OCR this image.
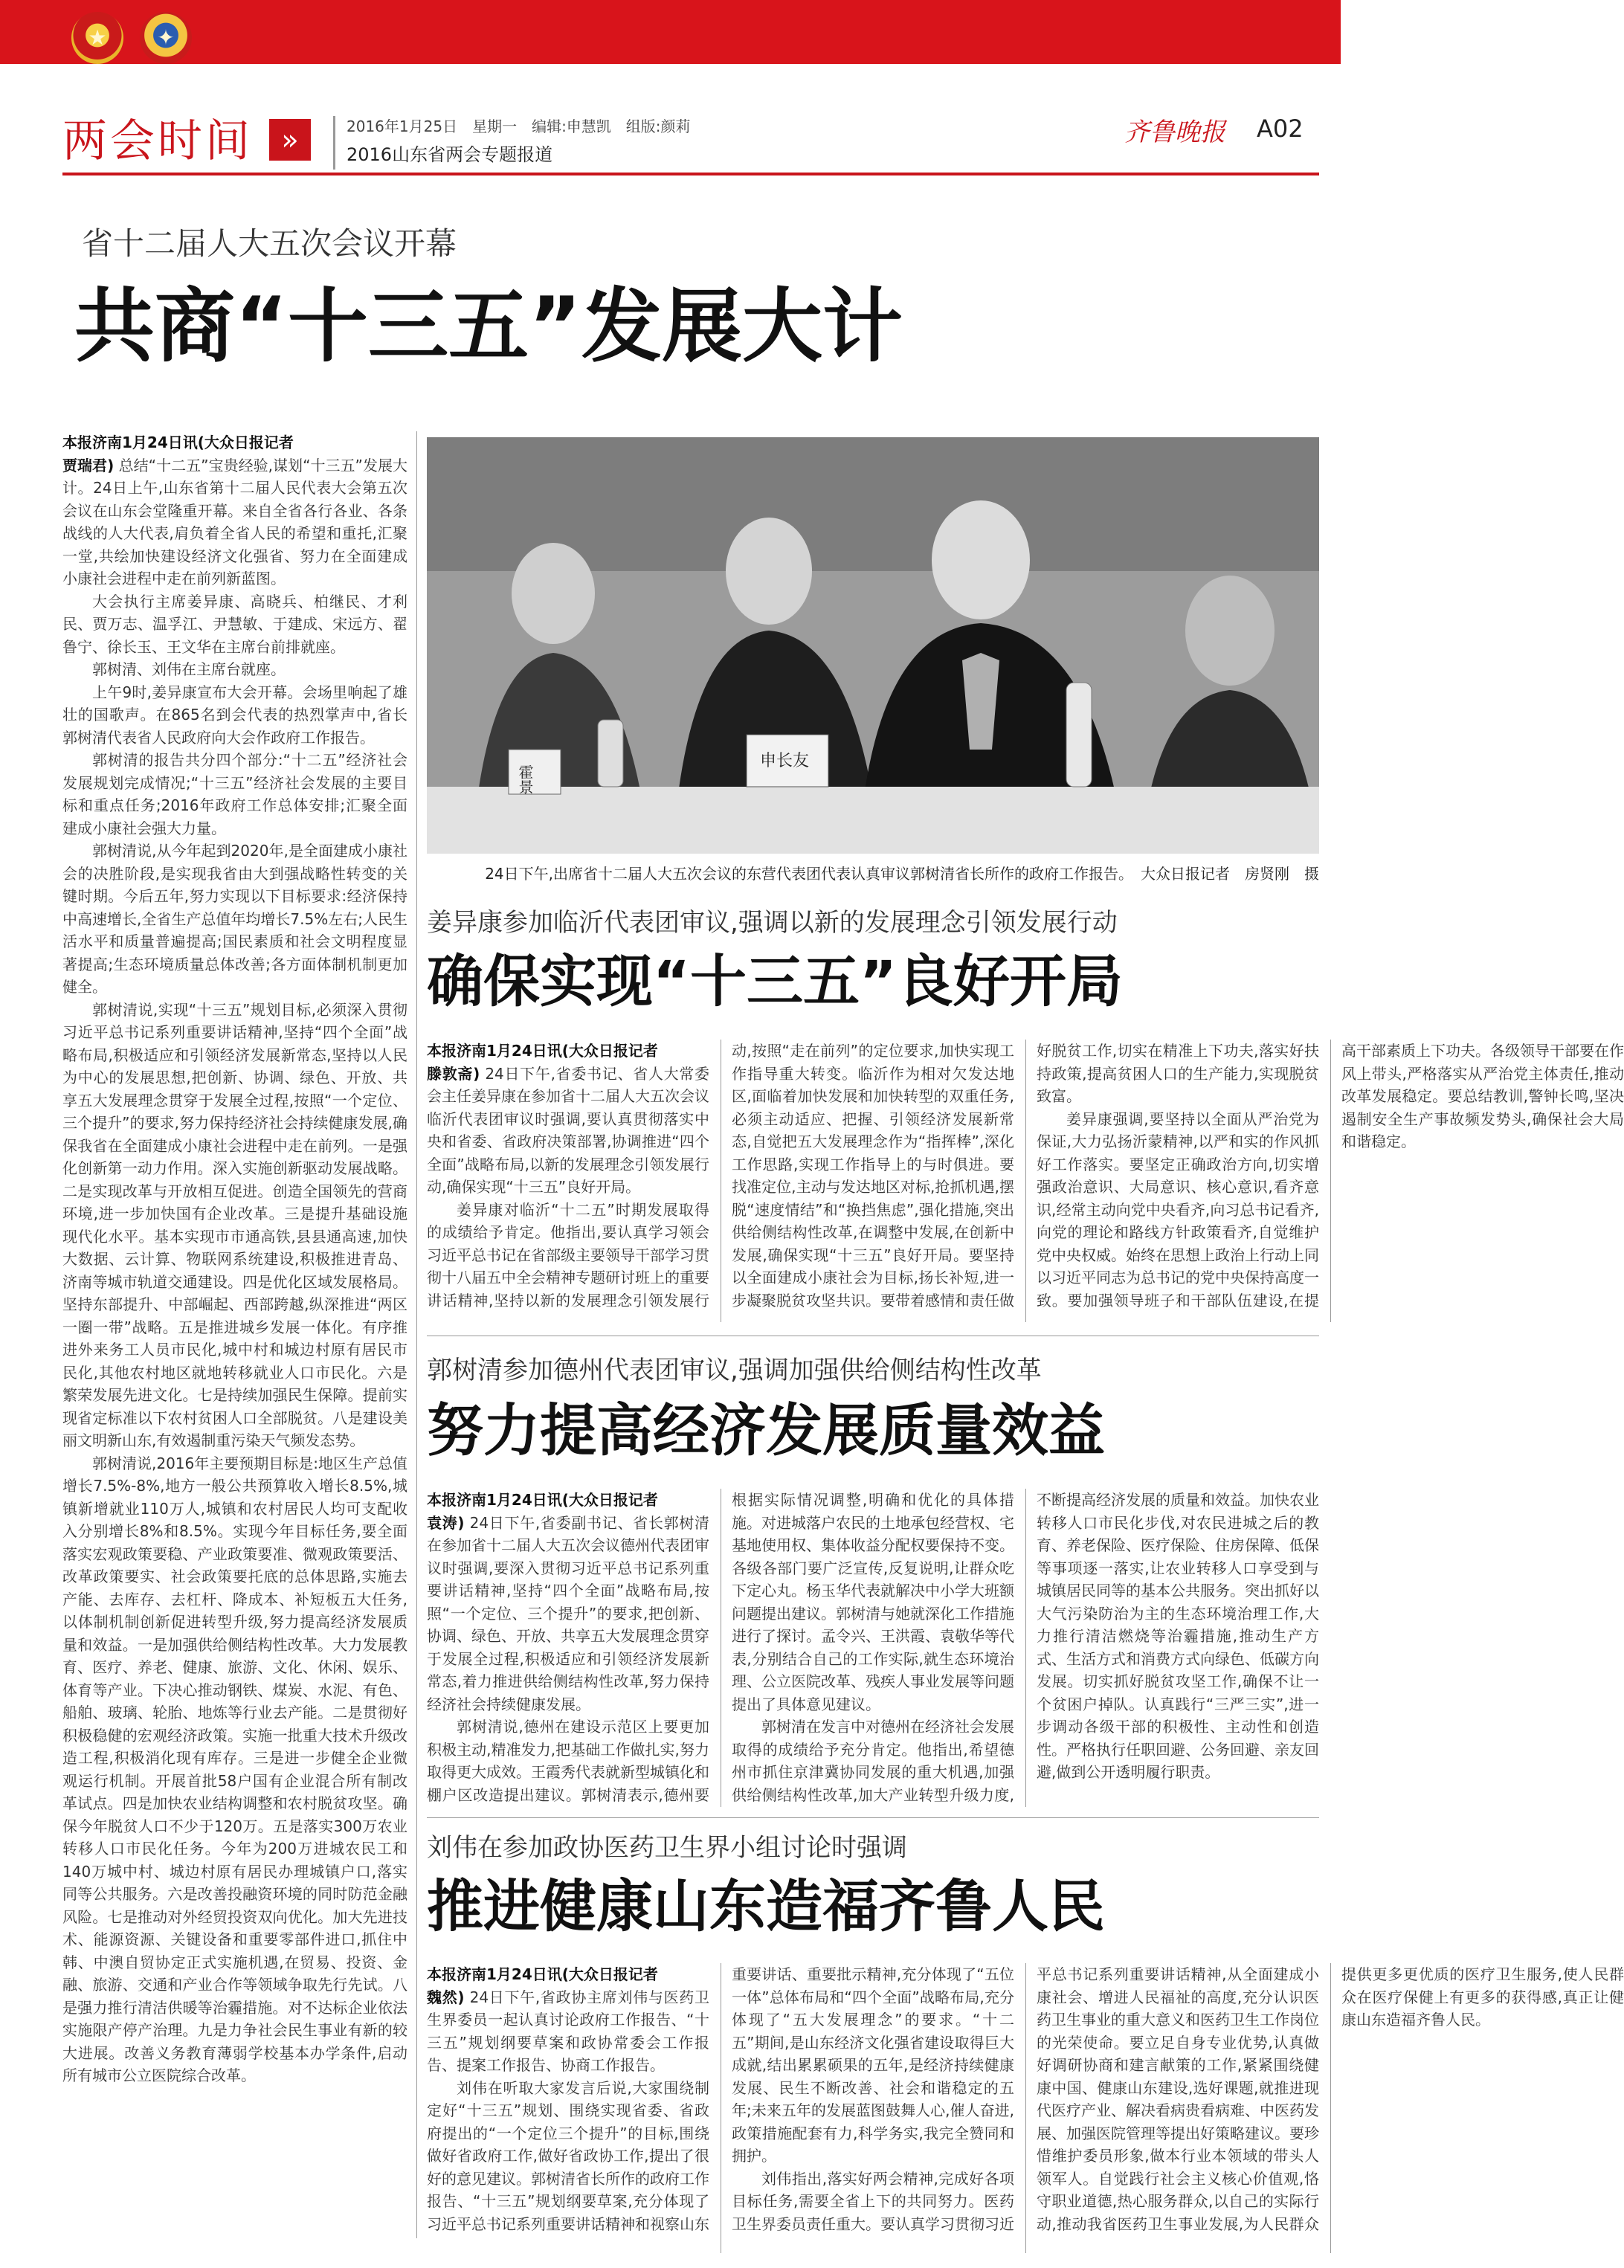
★	✦
两会时间	»	2016年1月25日　星期一　编辑:申慧凯　组版:颜莉
2016山东省两会专题报道
齐鲁晚报 A02
省十二届人大五次会议开幕
共商“十三五”发展大计

本报济南1月24日讯(大众日报记者

贾瑞君) 总结“十二五”宝贵经验,谋划“十三五”发展大计。24日上午,山东省第十二届人民代表大会第五次会议在山东会堂隆重开幕。来自全省各行各业、各条战线的人大代表,肩负着全省人民的希望和重托,汇聚一堂,共绘加快建设经济文化强省、努力在全面建成小康社会进程中走在前列新蓝图。

大会执行主席姜异康、高晓兵、柏继民、才利民、贾万志、温孚江、尹慧敏、于建成、宋远方、翟鲁宁、徐长玉、王文华在主席台前排就座。

郭树清、刘伟在主席台就座。

上午9时,姜异康宣布大会开幕。会场里响起了雄壮的国歌声。在865名到会代表的热烈掌声中,省长郭树清代表省人民政府向大会作政府工作报告。

郭树清的报告共分四个部分:“十二五”经济社会发展规划完成情况;“十三五”经济社会发展的主要目标和重点任务;2016年政府工作总体安排;汇聚全面建成小康社会强大力量。

郭树清说,从今年起到2020年,是全面建成小康社会的决胜阶段,是实现我省由大到强战略性转变的关键时期。今后五年,努力实现以下目标要求:经济保持中高速增长,全省生产总值年均增长7.5%左右;人民生活水平和质量普遍提高;国民素质和社会文明程度显著提高;生态环境质量总体改善;各方面体制机制更加健全。

郭树清说,实现“十三五”规划目标,必须深入贯彻习近平总书记系列重要讲话精神,坚持“四个全面”战略布局,积极适应和引领经济发展新常态,坚持以人民为中心的发展思想,把创新、协调、绿色、开放、共享五大发展理念贯穿于发展全过程,按照“一个定位、三个提升”的要求,努力保持经济社会持续健康发展,确保我省在全面建成小康社会进程中走在前列。一是强化创新第一动力作用。深入实施创新驱动发展战略。二是实现改革与开放相互促进。创造全国领先的营商环境,进一步加快国有企业改革。三是提升基础设施现代化水平。基本实现市市通高铁,县县通高速,加快大数据、云计算、物联网系统建设,积极推进青岛、济南等城市轨道交通建设。四是优化区域发展格局。坚持东部提升、中部崛起、西部跨越,纵深推进“两区一圈一带”战略。五是推进城乡发展一体化。有序推进外来务工人员市民化,城中村和城边村原有居民市民化,其他农村地区就地转移就业人口市民化。六是繁荣发展先进文化。七是持续加强民生保障。提前实现省定标准以下农村贫困人口全部脱贫。八是建设美丽文明新山东,有效遏制重污染天气频发态势。

郭树清说,2016年主要预期目标是:地区生产总值增长7.5%-8%,地方一般公共预算收入增长8.5%,城镇新增就业110万人,城镇和农村居民人均可支配收入分别增长8%和8.5%。实现今年目标任务,要全面落实宏观政策要稳、产业政策要准、微观政策要活、改革政策要实、社会政策要托底的总体思路,实施去产能、去库存、去杠杆、降成本、补短板五大任务,以体制机制创新促进转型升级,努力提高经济发展质量和效益。一是加强供给侧结构性改革。大力发展教育、医疗、养老、健康、旅游、文化、休闲、娱乐、体育等产业。下决心推动钢铁、煤炭、水泥、有色、船舶、玻璃、轮胎、地炼等行业去产能。二是贯彻好积极稳健的宏观经济政策。实施一批重大技术升级改造工程,积极消化现有库存。三是进一步健全企业微观运行机制。开展首批58户国有企业混合所有制改革试点。四是加快农业结构调整和农村脱贫攻坚。确保今年脱贫人口不少于120万。五是落实300万农业转移人口市民化任务。今年为200万进城农民工和140万城中村、城边村原有居民办理城镇户口,落实同等公共服务。六是改善投融资环境的同时防范金融风险。七是推动对外经贸投资双向优化。加大先进技术、能源资源、关键设备和重要零部件进口,抓住中韩、中澳自贸协定正式实施机遇,在贸易、投资、金融、旅游、交通和产业合作等领域争取先行先试。八是强力推行清洁供暖等治霾措施。对不达标企业依法实施限产停产治理。九是力争社会民生事业有新的较大进展。改善义务教育薄弱学校基本办学条件,启动所有城市公立医院综合改革。

霍景
申长友
24日下午,出席省十二届人大五次会议的东营代表团代表认真审议郭树清省长所作的政府工作报告。　大众日报记者　房贤刚　摄
姜异康参加临沂代表团审议,强调以新的发展理念引领发展行动
确保实现“十三五”良好开局

本报济南1月24日讯(大众日报记者

滕敦斋) 24日下午,省委书记、省人大常委会主任姜异康在参加省十二届人大五次会议临沂代表团审议时强调,要认真贯彻落实中央和省委、省政府决策部署,协调推进“四个全面”战略布局,以新的发展理念引领发展行动,确保实现“十三五”良好开局。

姜异康对临沂“十二五”时期发展取得的成绩给予肯定。他指出,要认真学习领会习近平总书记在省部级主要领导干部学习贯彻十八届五中全会精神专题研讨班上的重要讲话精神,坚持以新的发展理念引领发展行动,按照“走在前列”的定位要求,加快实现工作指导重大转变。临沂作为相对欠发达地区,面临着加快发展和加快转型的双重任务,必须主动适应、把握、引领经济发展新常态,自觉把五大发展理念作为“指挥棒”,深化工作思路,实现工作指导上的与时俱进。要找准定位,主动与发达地区对标,抢抓机遇,摆脱“速度情结”和“换挡焦虑”,强化措施,突出供给侧结构性改革,在调整中发展,在创新中发展,确保实现“十三五”良好开局。要坚持以全面建成小康社会为目标,扬长补短,进一步凝聚脱贫攻坚共识。要带着感情和责任做好脱贫工作,切实在精准上下功夫,落实好扶持政策,提高贫困人口的生产能力,实现脱贫致富。

姜异康强调,要坚持以全面从严治党为保证,大力弘扬沂蒙精神,以严和实的作风抓好工作落实。要坚定正确政治方向,切实增强政治意识、大局意识、核心意识,看齐意识,经常主动向党中央看齐,向习总书记看齐,向党的理论和路线方针政策看齐,自觉维护党中央权威。始终在思想上政治上行动上同以习近平同志为总书记的党中央保持高度一致。要加强领导班子和干部队伍建设,在提高干部素质上下功夫。各级领导干部要在作风上带头,严格落实从严治党主体责任,推动改革发展稳定。要总结教训,警钟长鸣,坚决遏制安全生产事故频发势头,确保社会大局和谐稳定。

郭树清参加德州代表团审议,强调加强供给侧结构性改革
努力提高经济发展质量效益

本报济南1月24日讯(大众日报记者

袁涛) 24日下午,省委副书记、省长郭树清在参加省十二届人大五次会议德州代表团审议时强调,要深入贯彻习近平总书记系列重要讲话精神,坚持“四个全面”战略布局,按照“一个定位、三个提升”的要求,把创新、协调、绿色、开放、共享五大发展理念贯穿于发展全过程,积极适应和引领经济发展新常态,着力推进供给侧结构性改革,努力保持经济社会持续健康发展。

郭树清说,德州在建设示范区上要更加积极主动,精准发力,把基础工作做扎实,努力取得更大成效。王霞秀代表就新型城镇化和棚户区改造提出建议。郭树清表示,德州要根据实际情况调整,明确和优化的具体措施。对进城落户农民的土地承包经营权、宅基地使用权、集体收益分配权要保持不变。各级各部门要广泛宣传,反复说明,让群众吃下定心丸。杨玉华代表就解决中小学大班额问题提出建议。郭树清与她就深化工作措施进行了探讨。孟令兴、王洪霞、袁敬华等代表,分别结合自己的工作实际,就生态环境治理、公立医院改革、残疾人事业发展等问题提出了具体意见建议。

郭树清在发言中对德州在经济社会发展取得的成绩给予充分肯定。他指出,希望德州市抓住京津冀协同发展的重大机遇,加强供给侧结构性改革,加大产业转型升级力度,不断提高经济发展的质量和效益。加快农业转移人口市民化步伐,对农民进城之后的教育、养老保险、医疗保险、住房保障、低保等事项逐一落实,让农业转移人口享受到与城镇居民同等的基本公共服务。突出抓好以大气污染防治为主的生态环境治理工作,大力推行清洁燃烧等治霾措施,推动生产方式、生活方式和消费方式向绿色、低碳方向发展。切实抓好脱贫攻坚工作,确保不让一个贫困户掉队。认真践行“三严三实”,进一步调动各级干部的积极性、主动性和创造性。严格执行任职回避、公务回避、亲友回避,做到公开透明履行职责。

刘伟在参加政协医药卫生界小组讨论时强调
推进健康山东造福齐鲁人民

本报济南1月24日讯(大众日报记者

魏然) 24日下午,省政协主席刘伟与医药卫生界委员一起认真讨论政府工作报告、“十三五”规划纲要草案和政协常委会工作报告、提案工作报告、协商工作报告。

刘伟在听取大家发言后说,大家围绕制定好“十三五”规划、围绕实现省委、省政府提出的“一个定位三个提升”的目标,围绕做好省政府工作,做好省政协工作,提出了很好的意见建议。郭树清省长所作的政府工作报告、“十三五”规划纲要草案,充分体现了习近平总书记系列重要讲话精神和视察山东重要讲话、重要批示精神,充分体现了“五位一体”总体布局和“四个全面”战略布局,充分体现了“五大发展理念”的要求。“十二五”期间,是山东经济文化强省建设取得巨大成就,结出累累硕果的五年,是经济持续健康发展、民生不断改善、社会和谐稳定的五年;未来五年的发展蓝图鼓舞人心,催人奋进,政策措施配套有力,科学务实,我完全赞同和拥护。

刘伟指出,落实好两会精神,完成好各项目标任务,需要全省上下的共同努力。医药卫生界委员责任重大。要认真学习贯彻习近平总书记系列重要讲话精神,从全面建成小康社会、增进人民福祉的高度,充分认识医药卫生事业的重大意义和医药卫生工作岗位的光荣使命。要立足自身专业优势,认真做好调研协商和建言献策的工作,紧紧围绕健康中国、健康山东建设,选好课题,就推进现代医疗产业、解决看病贵看病难、中医药发展、加强医院管理等提出好策略建议。要珍惜维护委员形象,做本行业本领域的带头人领军人。自觉践行社会主义核心价值观,恪守职业道德,热心服务群众,以自己的实际行动,推动我省医药卫生事业发展,为人民群众提供更多更优质的医疗卫生服务,使人民群众在医疗保健上有更多的获得感,真正让健康山东造福齐鲁人民。
